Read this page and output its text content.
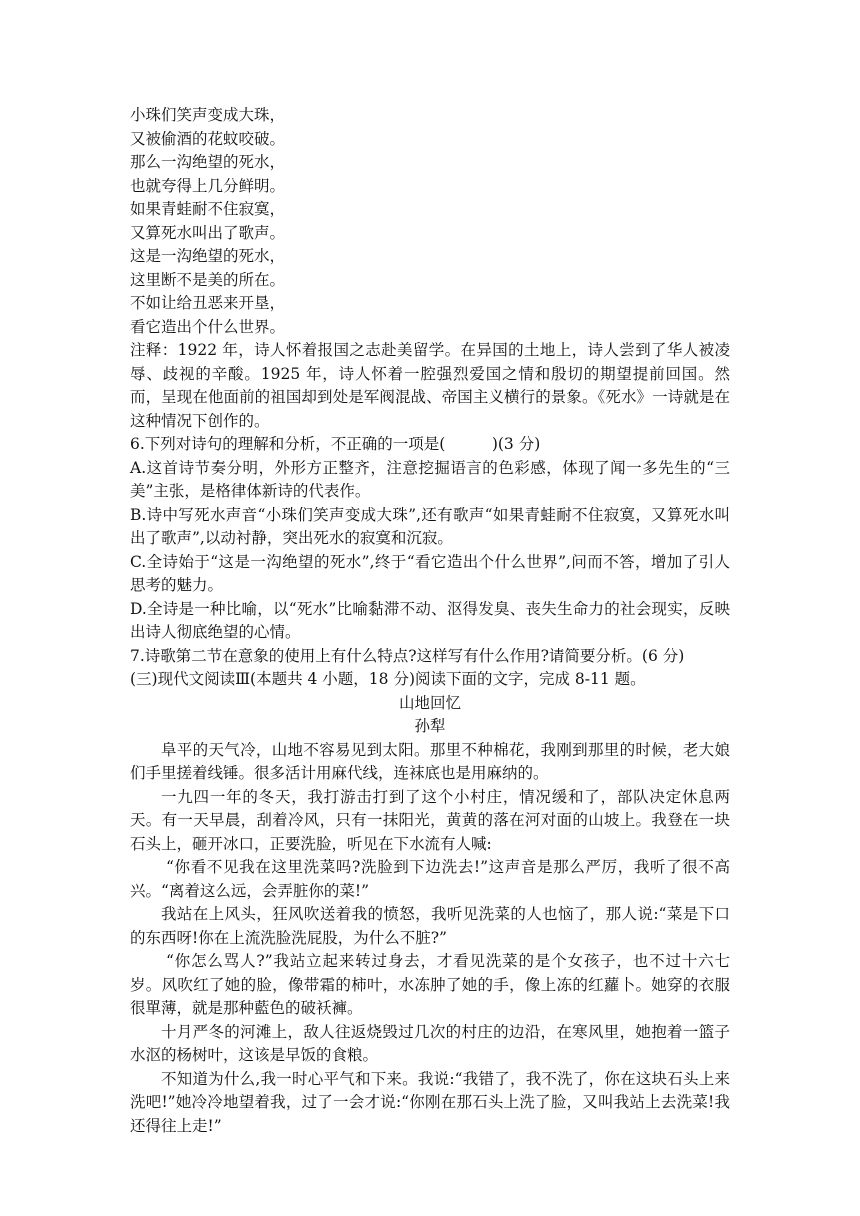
小珠们笑声变成大珠，

又被偷酒的花蚊咬破。

那么一沟绝望的死水，

也就夸得上几分鲜明。

如果青蛙耐不住寂寞，

又算死水叫出了歌声。

这是一沟绝望的死水，

这里断不是美的所在。

不如让给丑恶来开垦，

看它造出个什么世界。

注释：1922 年，诗人怀着报国之志赴美留学。在异国的土地上，诗人尝到了华人被凌辱、歧视的辛酸。1925 年，诗人怀着一腔强烈爱国之情和殷切的期望提前回国。然而，呈现在他面前的祖国却到处是军阀混战、帝国主义横行的景象。《死水》一诗就是在这种情况下创作的。

6.下列对诗句的理解和分析，不正确的一项是(　　　)(3 分)

A.这首诗节奏分明，外形方正整齐，注意挖掘语言的色彩感，体现了闻一多先生的“三美”主张，是格律体新诗的代表作。

B.诗中写死水声音“小珠们笑声变成大珠”,还有歌声“如果青蛙耐不住寂寞，又算死水叫出了歌声”,以动衬静，突出死水的寂寞和沉寂。

C.全诗始于“这是一沟绝望的死水”,终于“看它造出个什么世界”,问而不答，增加了引人思考的魅力。

D.全诗是一种比喻，以“死水”比喻黏滞不动、沤得发臭、丧失生命力的社会现实，反映出诗人彻底绝望的心情。

7.诗歌第二节在意象的使用上有什么特点?这样写有什么作用?请简要分析。(6 分)

(三)现代文阅读Ⅲ(本题共 4 小题，18 分)阅读下面的文字，完成 8-11 题。

山地回忆

孙犁

阜平的天气冷，山地不容易见到太阳。那里不种棉花，我刚到那里的时候，老大娘们手里搓着线锤。很多活计用麻代线，连袜底也是用麻纳的。

一九四一年的冬天，我打游击打到了这个小村庄，情况缓和了，部队决定休息两天。有一天早晨，刮着冷风，只有一抹阳光，黄黄的落在河对面的山坡上。我登在一块石头上，砸开冰口，正要洗脸，听见在下水流有人喊:

“你看不见我在这里洗菜吗?洗脸到下边洗去!”这声音是那么严厉，我听了很不高兴。“离着这么远，会弄脏你的菜!”

我站在上风头，狂风吹送着我的愤怒，我听见洗菜的人也恼了，那人说:“菜是下口的东西呀!你在上流洗脸洗屁股，为什么不脏?”

“你怎么骂人?”我站立起来转过身去，才看见洗菜的是个女孩子，也不过十六七岁。风吹红了她的脸，像带霜的柿叶，水冻肿了她的手，像上冻的红蘿卜。她穿的衣服很單薄，就是那种藍色的破袄褲。

十月严冬的河滩上，敌人往返烧毁过几次的村庄的边沿，在寒风里，她抱着一篮子水沤的杨树叶，这该是早饭的食粮。

不知道为什么,我一时心平气和下来。我说:“我错了，我不洗了，你在这块石头上来洗吧!”她冷冷地望着我，过了一会才说:“你刚在那石头上洗了脸，又叫我站上去洗菜!我还得往上走!”
